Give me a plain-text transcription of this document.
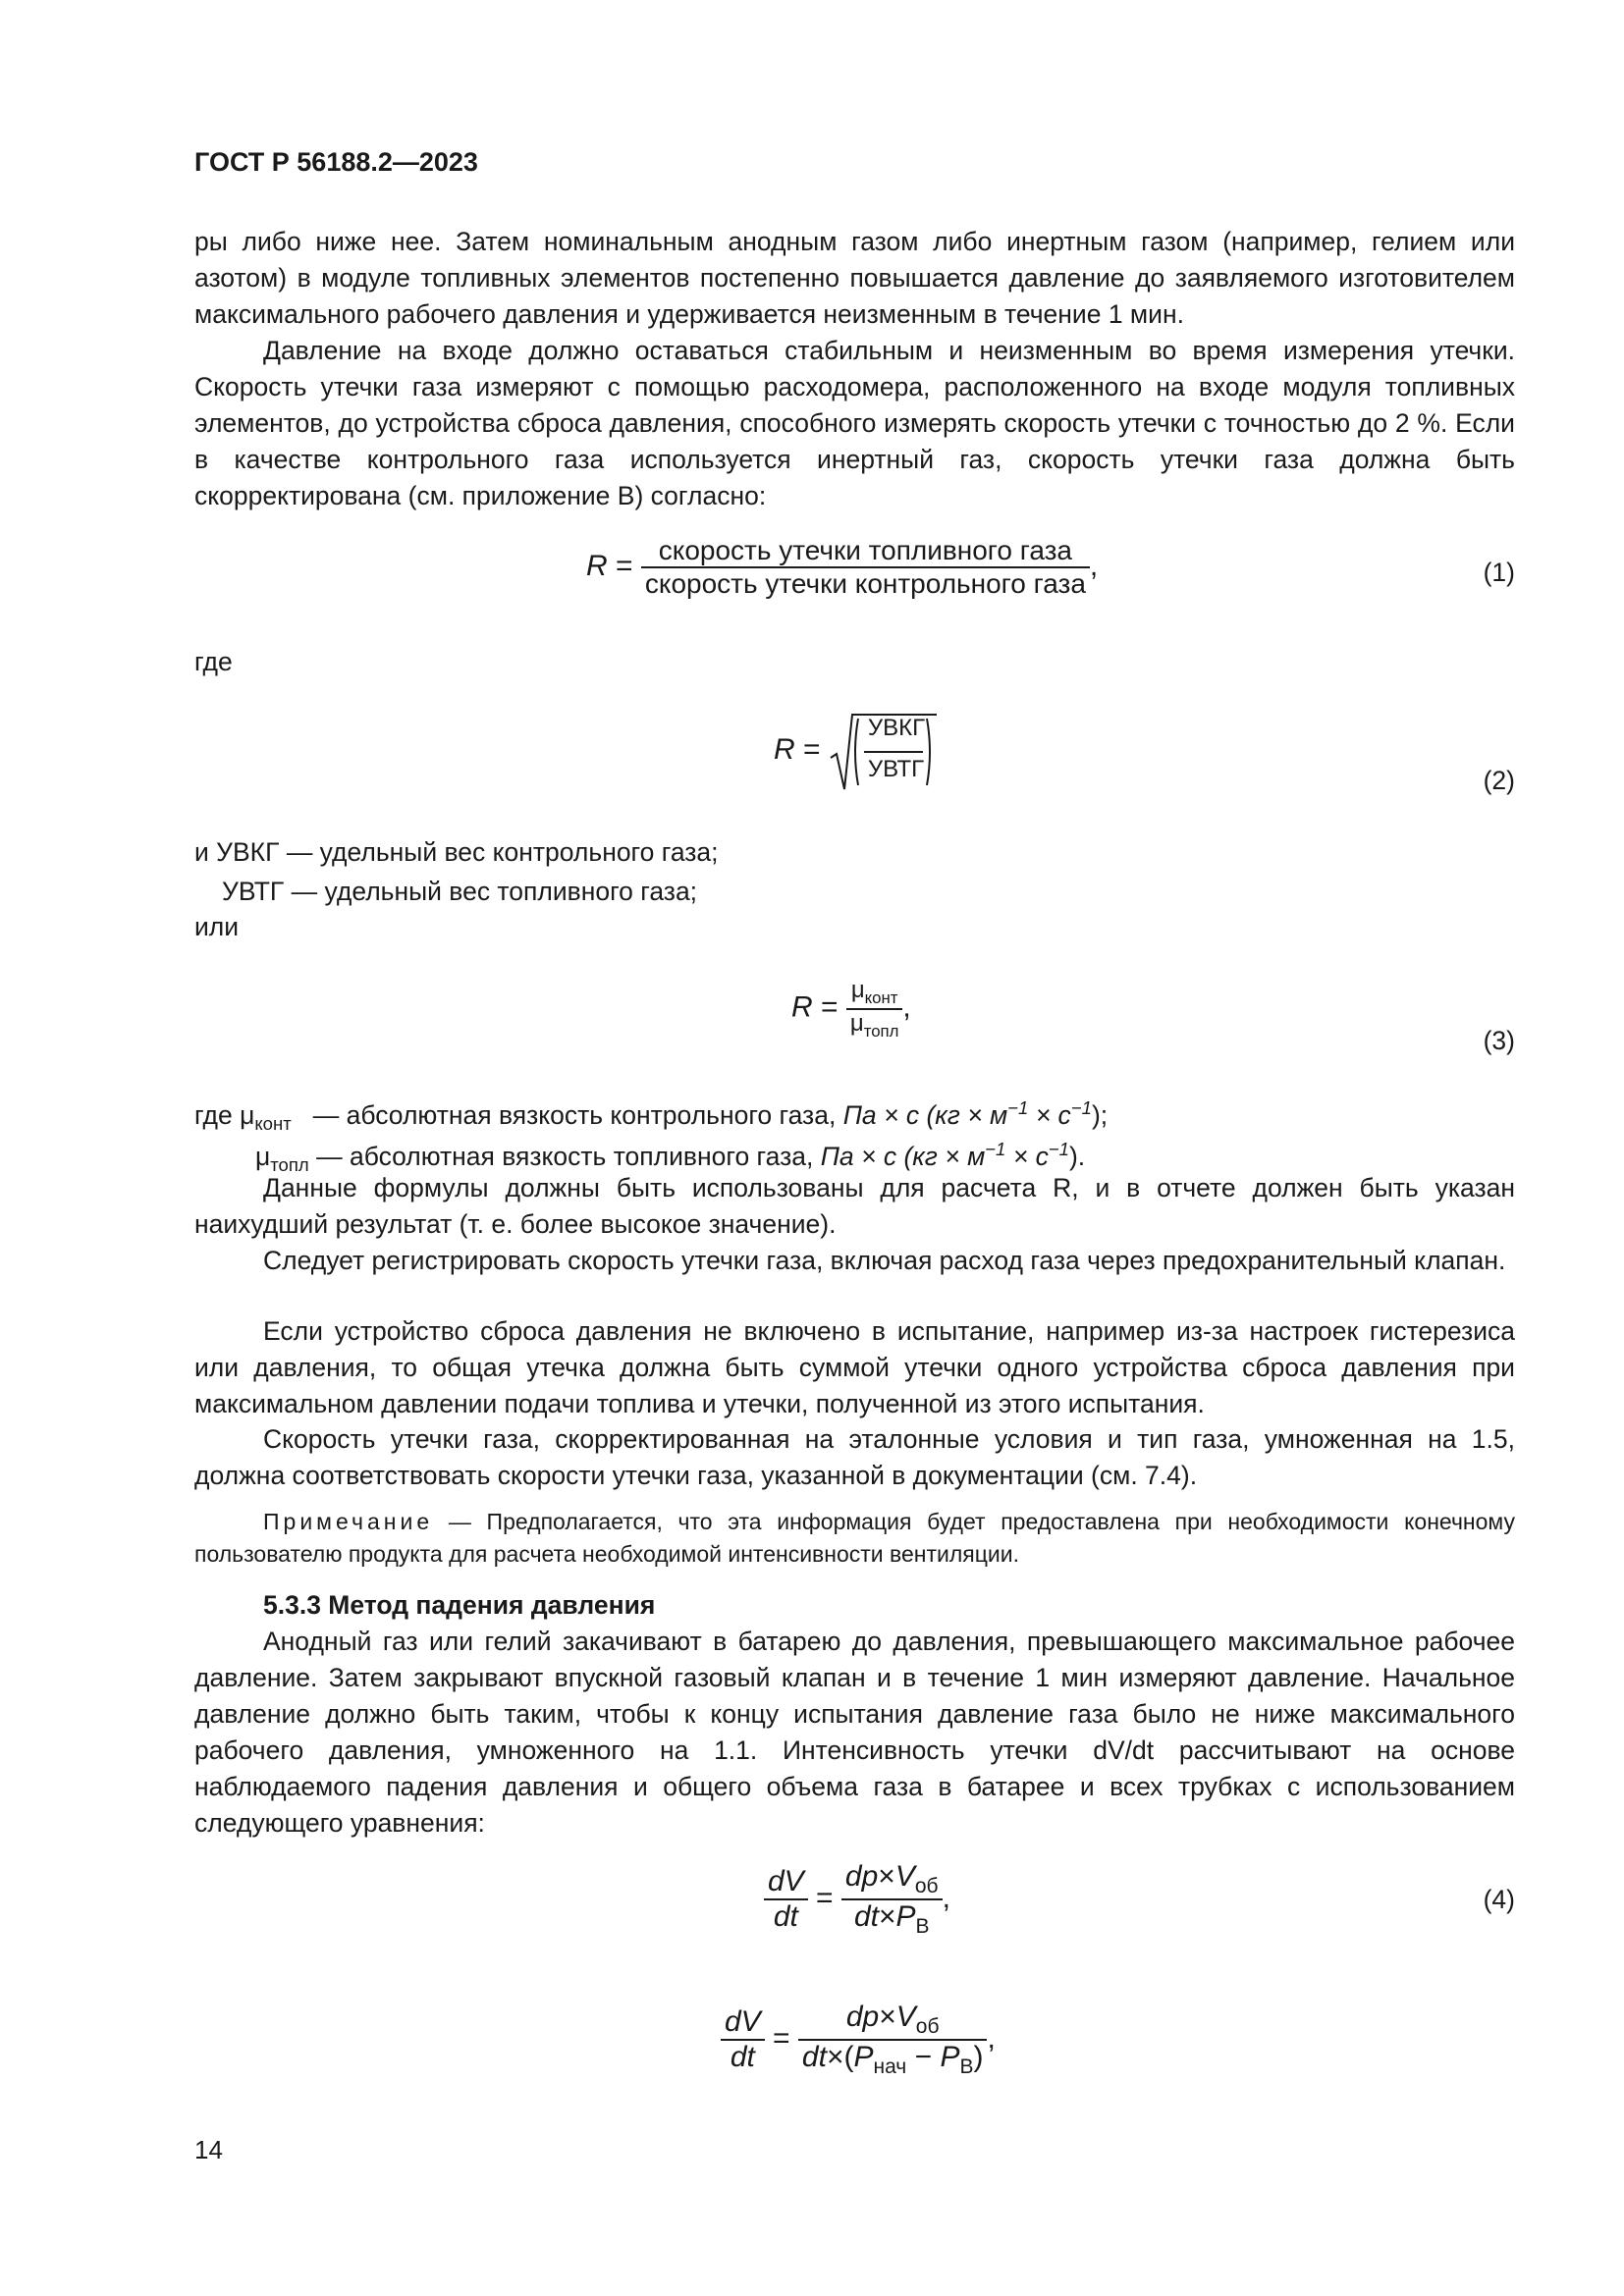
ГОСТ Р 56188.2—2023
ры либо ниже нее. Затем номинальным анодным газом либо инертным газом (например, гелием или азотом) в модуле топливных элементов постепенно повышается давление до заявляемого изготовителем максимального рабочего давления и удерживается неизменным в течение 1 мин.
Давление на входе должно оставаться стабильным и неизменным во время измерения утечки. Скорость утечки газа измеряют с помощью расходомера, расположенного на входе модуля топливных элементов, до устройства сброса давления, способного измерять скорость утечки с точностью до 2 %. Если в качестве контрольного газа используется инертный газ, скорость утечки газа должна быть скорректирована (см. приложение В) согласно:
$R = \frac{\text{скорость утечки топливного газа}}{\text{скорость утечки контрольного газа}}$ ,	(1)
где
R =
УВКГ
УВТГ	(2)
и УВКГ — удельный вес контрольного газа;
УВТГ — удельный вес топливного газа;
или
$R = \frac{\mu_{конт}}{\mu_{топл}}$ ,
(3)
где $\mu_{конт}$ — абсолютная вязкость контрольного газа, Па × с $(кг \times м^{-1} \times с^{-1})$;
$\mu_{топл}$ — абсолютная вязкость топливного газа, Па × с $(кг \times м^{-1} \times с^{-1})$.
Данные формулы должны быть использованы для расчета R, и в отчете должен быть указан наихудший результат (т. е. более высокое значение).
Следует регистрировать скорость утечки газа, включая расход газа через предохранительный клапан.
Если устройство сброса давления не включено в испытание, например из-за настроек гистерезиса или давления, то общая утечка должна быть суммой утечки одного устройства сброса давления при максимальном давлении подачи топлива и утечки, полученной из этого испытания.
Скорость утечки газа, скорректированная на эталонные условия и тип газа, умноженная на 1.5, должна соответствовать скорости утечки газа, указанной в документации (см. 7.4).
Примечание — Предполагается, что эта информация будет предоставлена при необходимости конечному пользователю продукта для расчета необходимой интенсивности вентиляции.
5.3.3 Метод падения давления
Анодный газ или гелий закачивают в батарею до давления, превышающего максимальное рабочее давление. Затем закрывают впускной газовый клапан и в течение 1 мин измеряют давление. Начальное давление должно быть таким, чтобы к концу испытания давление газа было не ниже максимального рабочего давления, умноженного на 1.1. Интенсивность утечки dV/dt рассчитывают на основе наблюдаемого падения давления и общего объема газа в батарее и всех трубках с использованием следующего уравнения:
$\frac{dV}{dt} = \frac{dp\times V_{об}}{dt\times P_В}$ ,	(4)
$\frac{dV}{dt} = \frac{dp\times V_{об}}{dt\times(P_{нач} - P_В)}$ ,
14
